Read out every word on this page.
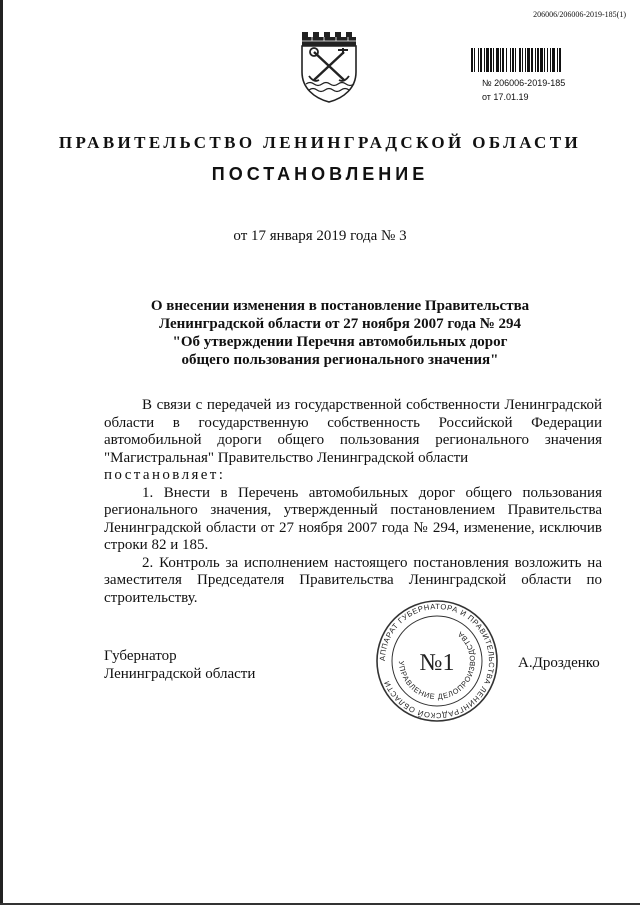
206006/206006-2019-185(1)
№ 206006-2019-185
от 17.01.19
ПРАВИТЕЛЬСТВО ЛЕНИНГРАДСКОЙ ОБЛАСТИ
ПОСТАНОВЛЕНИЕ
от 17 января 2019 года № 3
О внесении изменения в постановление Правительства
Ленинградской области от 27 ноября 2007 года № 294
"Об утверждении Перечня автомобильных дорог
общего пользования регионального значения"

В связи с передачей из государственной собственности Ленинградской области в государственную собственность Российской Федерации автомобильной дороги общего пользования регионального значения "Магистральная" Правительство Ленинградской области

постановляет:

1. Внести в Перечень автомобильных дорог общего пользования регионального значения, утвержденный постановлением Правительства Ленинградской области от 27 ноября 2007 года № 294, изменение, исключив строки 82 и 185.

2. Контроль за исполнением настоящего постановления возложить на заместителя Председателя Правительства Ленинградской области по строительству.

Губернатор
Ленинградской области
А.Дрозденко
АППАРАТ ГУБЕРНАТОРА И ПРАВИТЕЛЬСТВА ЛЕНИНГРАДСКОЙ ОБЛАСТИ
УПРАВЛЕНИЕ ДЕЛОПРОИЗВОДСТВА
№1
